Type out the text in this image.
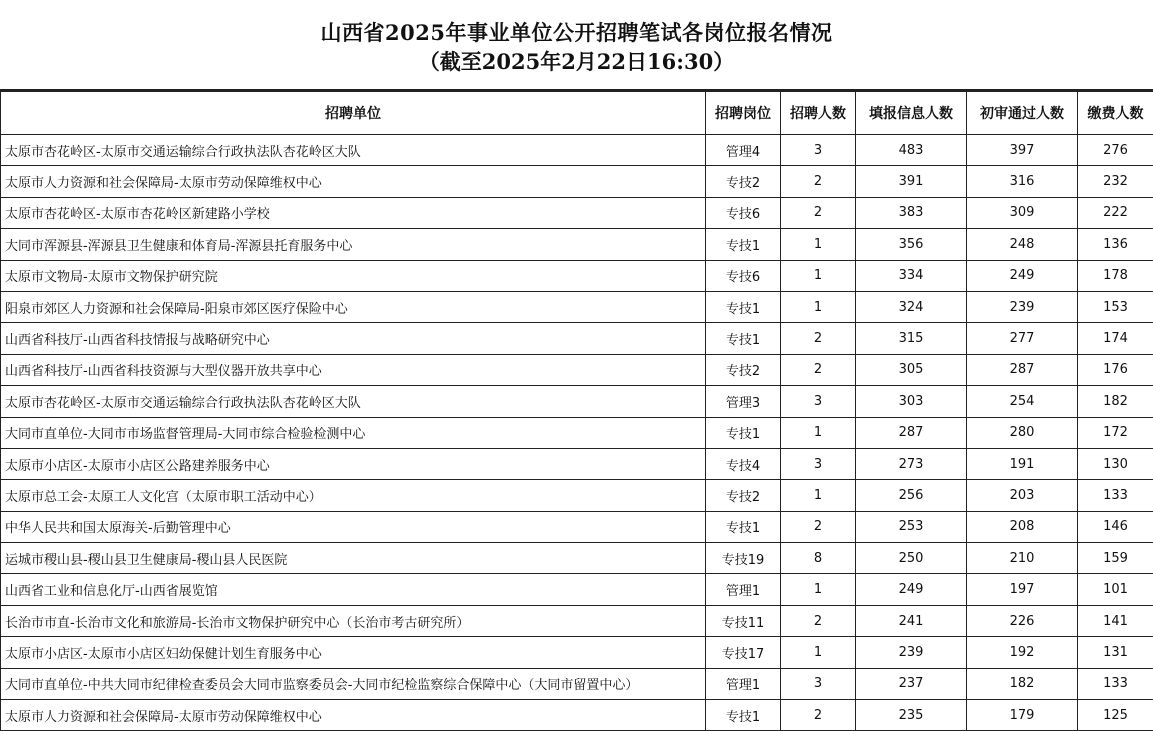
山西省2025年事业单位公开招聘笔试各岗位报名情况
（截至2025年2月22日16:30）
招聘单位	招聘岗位	招聘人数	填报信息人数	初审通过人数	缴费人数
太原市杏花岭区-太原市交通运输综合行政执法队杏花岭区大队	管理4	3	483	397	276
太原市人力资源和社会保障局-太原市劳动保障维权中心	专技2	2	391	316	232
太原市杏花岭区-太原市杏花岭区新建路小学校	专技6	2	383	309	222
大同市浑源县-浑源县卫生健康和体育局-浑源县托育服务中心	专技1	1	356	248	136
太原市文物局-太原市文物保护研究院	专技6	1	334	249	178
阳泉市郊区人力资源和社会保障局-阳泉市郊区医疗保险中心	专技1	1	324	239	153
山西省科技厅-山西省科技情报与战略研究中心	专技1	2	315	277	174
山西省科技厅-山西省科技资源与大型仪器开放共享中心	专技2	2	305	287	176
太原市杏花岭区-太原市交通运输综合行政执法队杏花岭区大队	管理3	3	303	254	182
大同市直单位-大同市市场监督管理局-大同市综合检验检测中心	专技1	1	287	280	172
太原市小店区-太原市小店区公路建养服务中心	专技4	3	273	191	130
太原市总工会-太原工人文化宫（太原市职工活动中心）	专技2	1	256	203	133
中华人民共和国太原海关-后勤管理中心	专技1	2	253	208	146
运城市稷山县-稷山县卫生健康局-稷山县人民医院	专技19	8	250	210	159
山西省工业和信息化厅-山西省展览馆	管理1	1	249	197	101
长治市市直-长治市文化和旅游局-长治市文物保护研究中心（长治市考古研究所）	专技11	2	241	226	141
太原市小店区-太原市小店区妇幼保健计划生育服务中心	专技17	1	239	192	131
大同市直单位-中共大同市纪律检查委员会大同市监察委员会-大同市纪检监察综合保障中心（大同市留置中心）	管理1	3	237	182	133
太原市人力资源和社会保障局-太原市劳动保障维权中心	专技1	2	235	179	125
